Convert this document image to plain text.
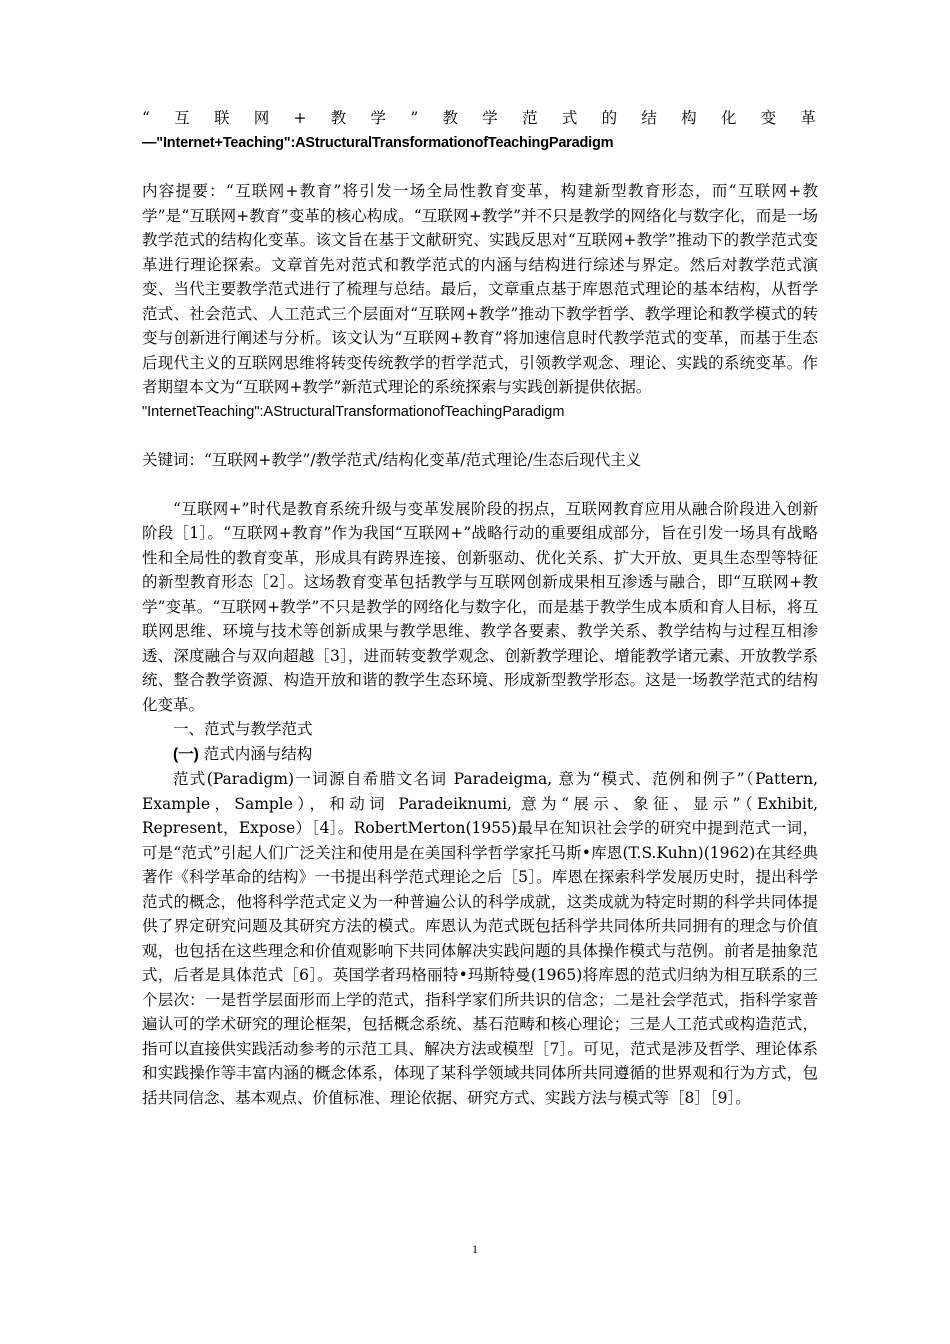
“互联网+教学”教学范式的结构化变革

—"Internet+Teaching":AStructuralTransformationofTeachingParadigm

内容提要：“互联网+教育”将引发一场全局性教育变革，构建新型教育形态，而“互联网+教学”是“互联网+教育”变革的核心构成。“互联网+教学”并不只是教学的网络化与数字化，而是一场教学范式的结构化变革。该文旨在基于文献研究、实践反思对“互联网+教学”推动下的教学范式变革进行理论探索。文章首先对范式和教学范式的内涵与结构进行综述与界定。然后对教学范式演变、当代主要教学范式进行了梳理与总结。最后，文章重点基于库恩范式理论的基本结构，从哲学范式、社会范式、人工范式三个层面对“互联网+教学”推动下教学哲学、教学理论和教学模式的转变与创新进行阐述与分析。该文认为“互联网+教育”将加速信息时代教学范式的变革，而基于生态后现代主义的互联网思维将转变传统教学的哲学范式，引领教学观念、理论、实践的系统变革。作者期望本文为“互联网+教学”新范式理论的系统探索与实践创新提供依据。

"InternetTeaching":AStructuralTransformationofTeachingParadigm

关键词：“互联网+教学”/教学范式/结构化变革/范式理论/生态后现代主义

“互联网+”时代是教育系统升级与变革发展阶段的拐点，互联网教育应用从融合阶段进入创新阶段［1］。“互联网+教育”作为我国“互联网+”战略行动的重要组成部分，旨在引发一场具有战略性和全局性的教育变革，形成具有跨界连接、创新驱动、优化关系、扩大开放、更具生态型等特征的新型教育形态［2］。这场教育变革包括教学与互联网创新成果相互渗透与融合，即“互联网+教学”变革。“互联网+教学”不只是教学的网络化与数字化，而是基于教学生成本质和育人目标，将互联网思维、环境与技术等创新成果与教学思维、教学各要素、教学关系、教学结构与过程互相渗透、深度融合与双向超越［3］，进而转变教学观念、创新教学理论、增能教学诸元素、开放教学系统、整合教学资源、构造开放和谐的教学生态环境、形成新型教学形态。这是一场教学范式的结构化变革。

一、范式与教学范式

(一) 范式内涵与结构

范式(Paradigm)一词源自希腊文名词 Paradeigma, 意为“模式、范例和例子”（Pattern, Example，Sample），和动词 Paradeiknumi, 意为“展示、象征、显示”（Exhibit, Represent，Expose）［4］。RobertMerton(1955)最早在知识社会学的研究中提到范式一词，可是“范式”引起人们广泛关注和使用是在美国科学哲学家托马斯•库恩(T.S.Kuhn)(1962)在其经典著作《科学革命的结构》一书提出科学范式理论之后［5］。库恩在探索科学发展历史时，提出科学范式的概念，他将科学范式定义为一种普遍公认的科学成就，这类成就为特定时期的科学共同体提供了界定研究问题及其研究方法的模式。库恩认为范式既包括科学共同体所共同拥有的理念与价值观，也包括在这些理念和价值观影响下共同体解决实践问题的具体操作模式与范例。前者是抽象范式，后者是具体范式［6］。英国学者玛格丽特•玛斯特曼(1965)将库恩的范式归纳为相互联系的三个层次：一是哲学层面形而上学的范式，指科学家们所共识的信念；二是社会学范式，指科学家普遍认可的学术研究的理论框架，包括概念系统、基石范畴和核心理论；三是人工范式或构造范式，指可以直接供实践活动参考的示范工具、解决方法或模型［7］。可见，范式是涉及哲学、理论体系和实践操作等丰富内涵的概念体系，体现了某科学领域共同体所共同遵循的世界观和行为方式，包括共同信念、基本观点、价值标准、理论依据、研究方式、实践方法与模式等［8］［9］。

1
